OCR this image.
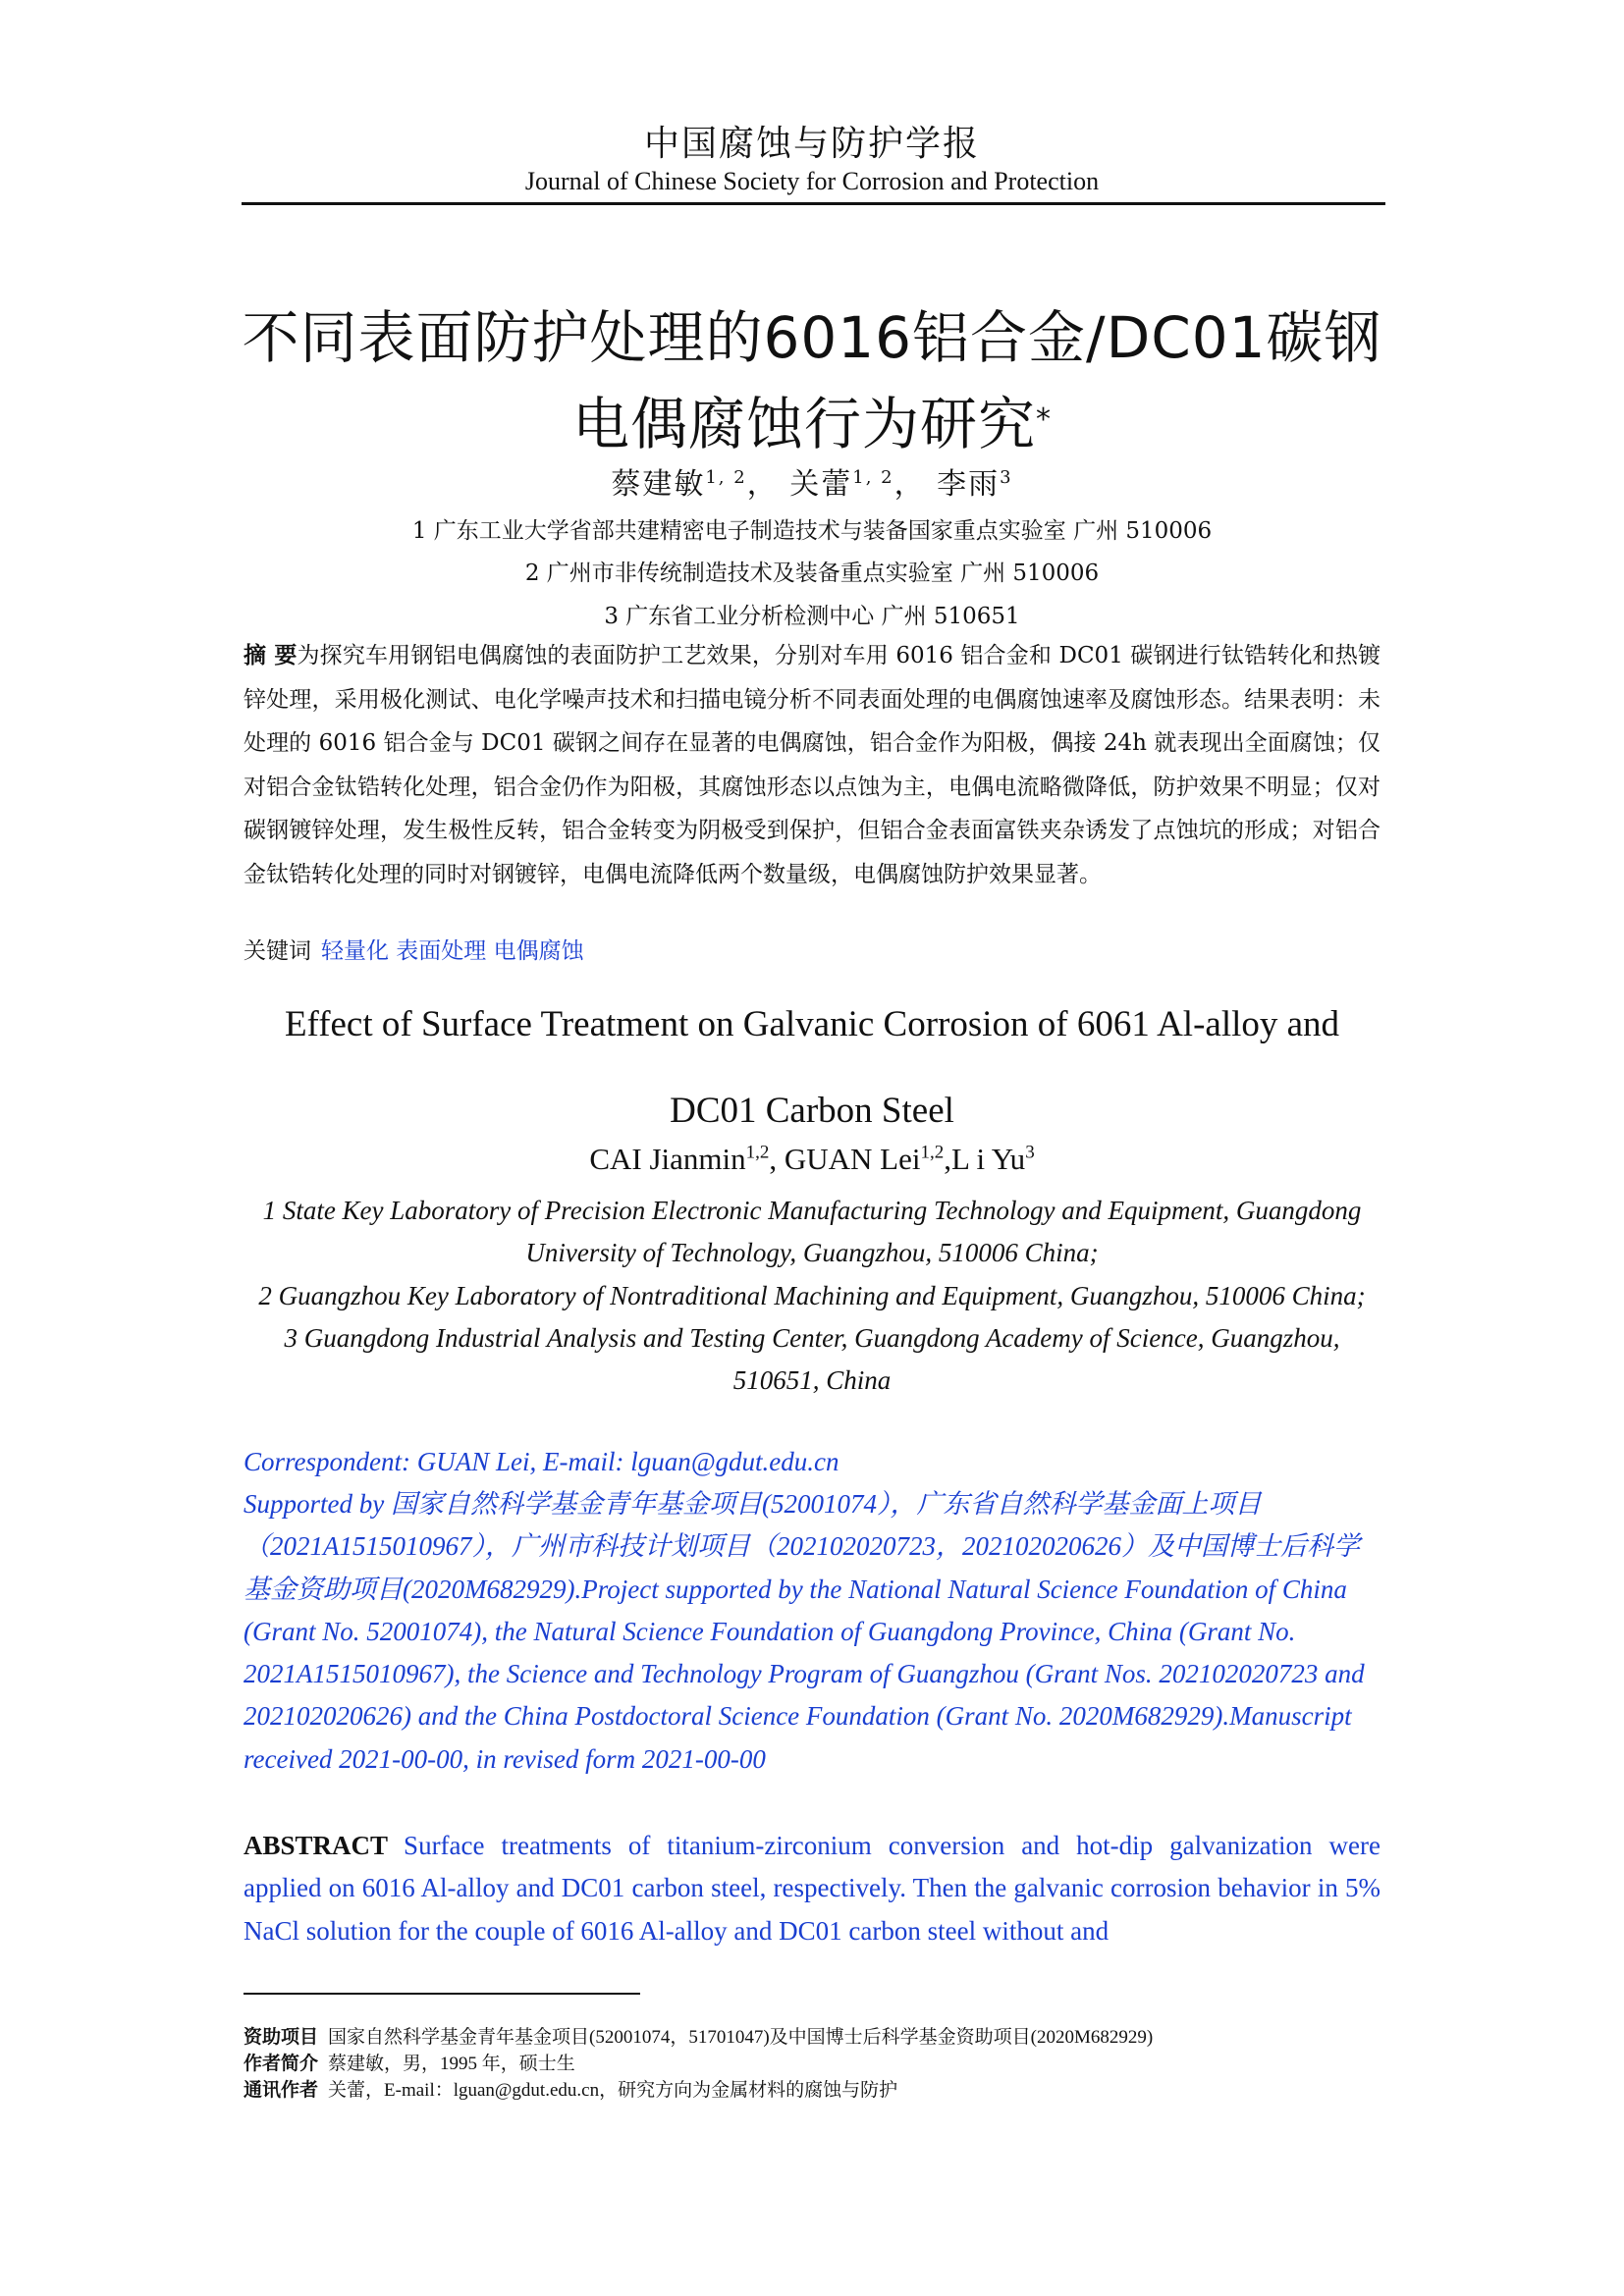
中国腐蚀与防护学报
Journal of Chinese Society for Corrosion and Protection
不同表面防护处理的6016铝合金/DC01碳钢
电偶腐蚀行为研究*
蔡建敏$^{1, 2}$， 关蕾$^{1, 2}$， 李雨$^3$
1 广东工业大学省部共建精密电子制造技术与装备国家重点实验室 广州 510006
2 广州市非传统制造技术及装备重点实验室 广州 510006
3 广东省工业分析检测中心 广州 510651
摘 要为探究车用钢铝电偶腐蚀的表面防护工艺效果，分别对车用 6016 铝合金和 DC01 碳钢进行钛锆转化和热镀锌处理，采用极化测试、电化学噪声技术和扫描电镜分析不同表面处理的电偶腐蚀速率及腐蚀形态。结果表明：未处理的 6016 铝合金与 DC01 碳钢之间存在显著的电偶腐蚀，铝合金作为阳极，偶接 24h 就表现出全面腐蚀；仅对铝合金钛锆转化处理，铝合金仍作为阳极，其腐蚀形态以点蚀为主，电偶电流略微降低，防护效果不明显；仅对碳钢镀锌处理，发生极性反转，铝合金转变为阴极受到保护，但铝合金表面富铁夹杂诱发了点蚀坑的形成；对铝合金钛锆转化处理的同时对钢镀锌，电偶电流降低两个数量级，电偶腐蚀防护效果显著。
关键词 轻量化 表面处理 电偶腐蚀
Effect of Surface Treatment on Galvanic Corrosion of 6061 Al-alloy and
DC01 Carbon Steel
CAI Jianmin$^{1,2}$, GUAN Lei$^{1,2}$,L i Yu$^3$
1 State Key Laboratory of Precision Electronic Manufacturing Technology and Equipment, Guangdong University of Technology, Guangzhou, 510006 China;
2 Guangzhou Key Laboratory of Nontraditional Machining and Equipment, Guangzhou, 510006 China;
3 Guangdong Industrial Analysis and Testing Center, Guangdong Academy of Science, Guangzhou, 510651, China
Correspondent: GUAN Lei, E-mail: lguan@gdut.edu.cn
Supported by 国家自然科学基金青年基金项目(52001074），广东省自然科学基金面上项目（2021A1515010967），广州市科技计划项目（202102020723，202102020626）及中国博士后科学基金资助项目(2020M682929).Project supported by the National Natural Science Foundation of China (Grant No. 52001074), the Natural Science Foundation of Guangdong Province, China (Grant No. 2021A1515010967), the Science and Technology Program of Guangzhou (Grant Nos. 202102020723 and 202102020626) and the China Postdoctoral Science Foundation (Grant No. 2020M682929).Manuscript received 2021-00-00, in revised form 2021-00-00
ABSTRACT Surface treatments of titanium-zirconium conversion and hot-dip galvanization were applied on 6016 Al-alloy and DC01 carbon steel, respectively. Then the galvanic corrosion behavior in 5% NaCl solution for the couple of 6016 Al-alloy and DC01 carbon steel without and
资助项目 国家自然科学基金青年基金项目(52001074，51701047)及中国博士后科学基金资助项目(2020M682929)
作者简介 蔡建敏，男，1995 年，硕士生
通讯作者 关蕾，E-mail：lguan@gdut.edu.cn，研究方向为金属材料的腐蚀与防护
